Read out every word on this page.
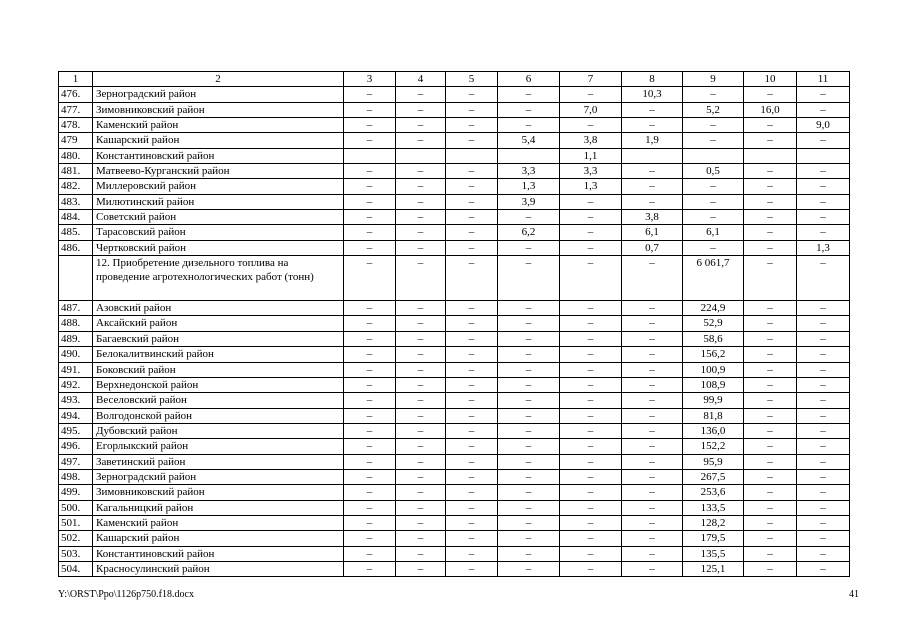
1	2	3	4	5	6	7	8	9	10	11
476.	Зерноградский район	–	–	–	–	–	10,3	–	–	–
477.	Зимовниковский район	–	–	–	–	7,0	–	5,2	16,0	–
478.	Каменский район	–	–	–	–	–	–	–	–	9,0
479	Кашарский район	–	–	–	5,4	3,8	1,9	–	–	–
480.	Константиновский район					1,1				
481.	Матвеево-Курганский район	–	–	–	3,3	3,3	–	0,5	–	–
482.	Миллеровский район	–	–	–	1,3	1,3	–	–	–	–
483.	Милютинский район	–	–	–	3,9	–	–	–	–	–
484.	Советский район	–	–	–	–	–	3,8	–	–	–
485.	Тарасовский район	–	–	–	6,2	–	6,1	6,1	–	–
486.	Чертковский район	–	–	–	–	–	0,7	–	–	1,3
	12. Приобретение дизельного топлива на проведение агротехнологических работ (тонн)	–	–	–	–	–	–	6 061,7	–	–
487.	Азовский район	–	–	–	–	–	–	224,9	–	–
488.	Аксайский район	–	–	–	–	–	–	52,9	–	–
489.	Багаевский район	–	–	–	–	–	–	58,6	–	–
490.	Белокалитвинский район	–	–	–	–	–	–	156,2	–	–
491.	Боковский район	–	–	–	–	–	–	100,9	–	–
492.	Верхнедонской район	–	–	–	–	–	–	108,9	–	–
493.	Веселовский район	–	–	–	–	–	–	99,9	–	–
494.	Волгодонской район	–	–	–	–	–	–	81,8	–	–
495.	Дубовский район	–	–	–	–	–	–	136,0	–	–
496.	Егорлыкский район	–	–	–	–	–	–	152,2	–	–
497.	Заветинский район	–	–	–	–	–	–	95,9	–	–
498.	Зерноградский район	–	–	–	–	–	–	267,5	–	–
499.	Зимовниковский район	–	–	–	–	–	–	253,6	–	–
500.	Кагальницкий район	–	–	–	–	–	–	133,5	–	–
501.	Каменский район	–	–	–	–	–	–	128,2	–	–
502.	Кашарский район	–	–	–	–	–	–	179,5	–	–
503.	Константиновский район	–	–	–	–	–	–	135,5	–	–
504.	Красносулинский район	–	–	–	–	–	–	125,1	–	–
Y:\ORST\Ppo\1126p750.f18.docx	41
